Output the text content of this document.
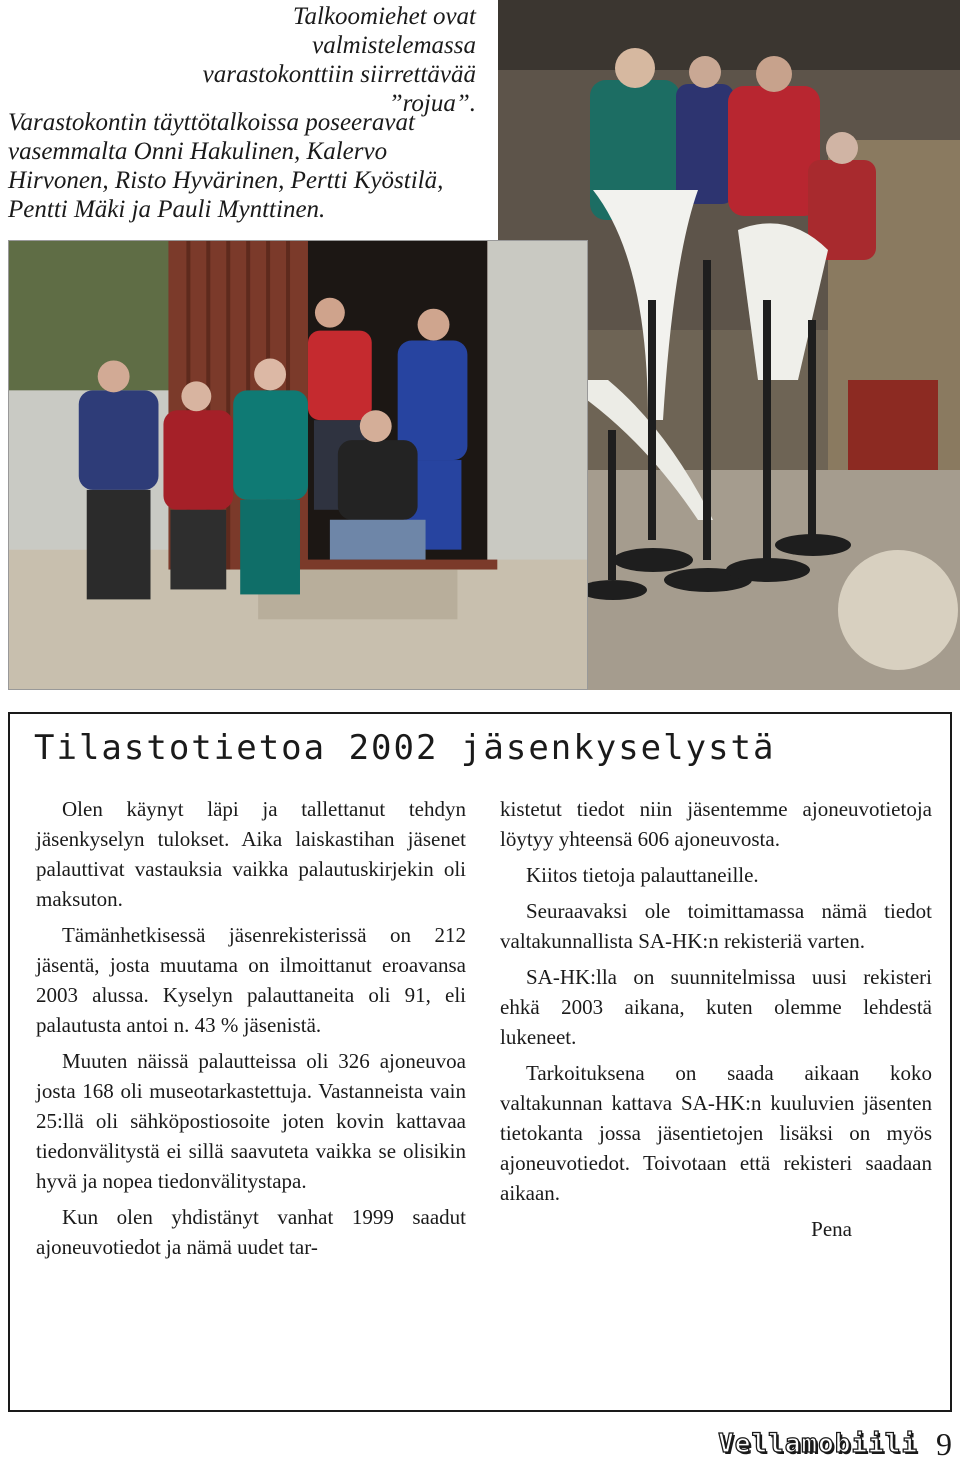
Talkoomiehet ovat valmistelemassa varastokonttiin siirrettävää ”rojua”.

Varastokontin täyttötalkoissa poseeravat vasemmalta Onni Hakulinen, Kalervo Hirvonen, Risto Hyvärinen, Pertti Kyöstilä, Pentti Mäki ja Pauli Mynttinen.

Tilastotietoa 2002 jäsenkyselystä

Olen käynyt läpi ja tallettanut tehdyn jäsenkyselyn tulokset. Aika laiskastihan jäsenet palauttivat vastauksia vaikka palautuskirjekin oli maksuton.

Tämänhetkisessä jäsenrekisterissä on 212 jäsentä, josta muutama on ilmoittanut eroavansa 2003 alussa. Kyselyn palauttaneita oli 91, eli palautusta antoi n. 43 % jäsenistä.

Muuten näissä palautteissa oli 326 ajoneuvoa josta 168 oli museotarkastettuja. Vastanneista vain 25:llä oli sähköpostiosoite joten kovin kattavaa tiedonvälitystä ei sillä saavuteta vaikka se olisikin hyvä ja nopea tiedonvälitystapa.

Kun olen yhdistänyt vanhat 1999 saadut ajoneuvotiedot ja nämä uudet tar-

kistetut tiedot niin jäsentemme ajoneuvotietoja löytyy yhteensä 606 ajoneuvosta.

Kiitos tietoja palauttaneille.

Seuraavaksi ole toimittamassa nämä tiedot valtakunnallista SA-HK:n rekisteriä varten.

SA-HK:lla on suunnitelmissa uusi rekisteri ehkä 2003 aikana, kuten olemme lehdestä lukeneet.

Tarkoituksena on saada aikaan koko valtakunnan kattava SA-HK:n kuuluvien jäsenten tietokanta jossa jäsentietojen lisäksi on myös ajoneuvotiedot. Toivotaan että rekisteri saadaan aikaan.

Pena

Vellamobiili 9
